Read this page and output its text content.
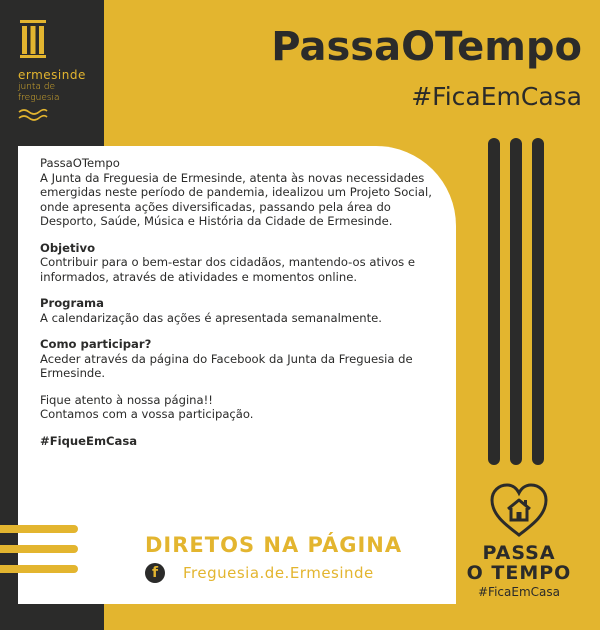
ermesinde
junta de
freguesia
PassaOTempo
#FicaEmCasa

PassaOTempo
A Junta da Freguesia de Ermesinde, atenta às novas necessidades emergidas neste período de pandemia, idealizou um Projeto Social, onde apresenta ações diversificadas, passando pela área do Desporto, Saúde, Música e História da Cidade de Ermesinde.

Objetivo
Contribuir para o bem-estar dos cidadãos, mantendo-os ativos e informados, através de atividades e momentos online.

Programa
A calendarização das ações é apresentada semanalmente.

Como participar?
Aceder através da página do Facebook da Junta da Freguesia de Ermesinde.

Fique atento à nossa página!!
Contamos com a vossa participação.

#FiqueEmCasa

DIRETOS NA PÁGINA
f	Freguesia.de.Ermesinde
PASSA
O TEMPO
#FicaEmCasa
